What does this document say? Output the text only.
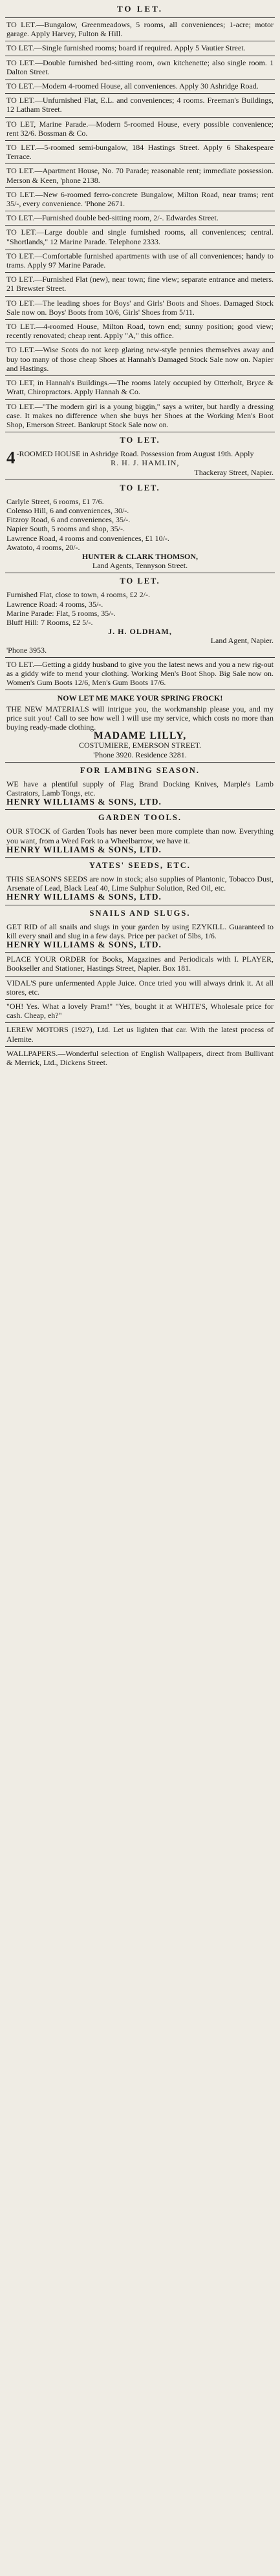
TO LET.

TO LET.—Bungalow, Greenmeadows, 5 rooms, all conveniences; 1-acre; motor garage. Apply Harvey, Fulton & Hill.

TO LET.—Single furnished rooms; board if required. Apply 5 Vautier Street.

TO LET.—Double furnished bed-sitting room, own kitchenette; also single room. 1 Dalton Street.

TO LET.—Modern 4-roomed House, all conveniences. Apply 30 Ashridge Road.

TO LET.—Unfurnished Flat, E.L. and conveniences; 4 rooms. Freeman's Buildings, 12 Latham Street.

TO LET, Marine Parade.—Modern 5-roomed House, every possible convenience; rent 32/6. Bossman & Co.

TO LET.—5-roomed semi-bungalow, 184 Hastings Street. Apply 6 Shakespeare Terrace.

TO LET.—Apartment House, No. 70 Parade; reasonable rent; immediate possession. Merson & Keen, 'phone 2138.

TO LET.—New 6-roomed ferro-concrete Bungalow, Milton Road, near trams; rent 35/-, every convenience. 'Phone 2671.

TO LET.—Furnished double bed-sitting room, 2/-. Edwardes Street.

TO LET.—Large double and single furnished rooms, all conveniences; central. "Shortlands," 12 Marine Parade. Telephone 2333.

TO LET.—Comfortable furnished apartments with use of all conveniences; handy to trams. Apply 97 Marine Parade.

TO LET.—Furnished Flat (new), near town; fine view; separate entrance and meters. 21 Brewster Street.

TO LET.—The leading shoes for Boys' and Girls' Boots and Shoes. Damaged Stock Sale now on. Boys' Boots from 10/6, Girls' Shoes from 5/11.

TO LET.—4-roomed House, Milton Road, town end; sunny position; good view; recently renovated; cheap rent. Apply "A," this office.

TO LET.—Wise Scots do not keep glaring new-style pennies themselves away and buy too many of those cheap Shoes at Hannah's Damaged Stock Sale now on. Napier and Hastings.

TO LET, in Hannah's Buildings.—The rooms lately occupied by Otterholt, Bryce & Wratt, Chiropractors. Apply Hannah & Co.

TO LET.—"The modern girl is a young biggin," says a writer, but hardly a dressing case. It makes no difference when she buys her Shoes at the Working Men's Boot Shop, Emerson Street. Bankrupt Stock Sale now on.

TO LET.

4 -ROOMED HOUSE in Ashridge Road. Possession from August 19th. Apply

R. H. J. HAMLIN,

Thackeray Street, Napier.

TO LET.
Carlyle Street, 6 rooms, £1 7/6.
Colenso Hill, 6 and conveniences, 30/-.
Fitzroy Road, 6 and conveniences, 35/-.
Napier South, 5 rooms and shop, 35/-.
Lawrence Road, 4 rooms and conveniences, £1 10/-.
Awatoto, 4 rooms, 20/-.

HUNTER & CLARK THOMSON,

Land Agents, Tennyson Street.

TO LET.
Furnished Flat, close to town, 4 rooms, £2 2/-.
Lawrence Road: 4 rooms, 35/-.
Marine Parade: Flat, 5 rooms, 35/-.
Bluff Hill: 7 Rooms, £2 5/-.

J. H. OLDHAM,

Land Agent, Napier.

'Phone 3953.

TO LET.—Getting a giddy husband to give you the latest news and you a new rig-out as a giddy wife to mend your clothing. Working Men's Boot Shop. Big Sale now on. Women's Gum Boots 12/6, Men's Gum Boots 17/6.

NOW LET ME MAKE YOUR SPRING FROCK!

THE NEW MATERIALS will intrigue you, the workmanship please you, and my price suit you! Call to see how well I will use my service, which costs no more than buying ready-made clothing.

MADAME LILLY,

COSTUMIERE, EMERSON STREET.

'Phone 3920. Residence 3281.

FOR LAMBING SEASON.

WE have a plentiful supply of Flag Brand Docking Knives, Marple's Lamb Castrators, Lamb Tongs, etc.

HENRY WILLIAMS & SONS, LTD.

GARDEN TOOLS.

OUR STOCK of Garden Tools has never been more complete than now. Everything you want, from a Weed Fork to a Wheelbarrow, we have it.

HENRY WILLIAMS & SONS, LTD.

YATES' SEEDS, ETC.

THIS SEASON'S SEEDS are now in stock; also supplies of Plantonic, Tobacco Dust, Arsenate of Lead, Black Leaf 40, Lime Sulphur Solution, Red Oil, etc.

HENRY WILLIAMS & SONS, LTD.

SNAILS AND SLUGS.

GET RID of all snails and slugs in your garden by using EZYKILL. Guaranteed to kill every snail and slug in a few days. Price per packet of 5lbs, 1/6.

HENRY WILLIAMS & SONS, LTD.

PLACE YOUR ORDER for Books, Magazines and Periodicals with I. PLAYER, Bookseller and Stationer, Hastings Street, Napier. Box 181.

VIDAL'S pure unfermented Apple Juice. Once tried you will always drink it. At all stores, etc.

"OH! Yes. What a lovely Pram!" "Yes, bought it at WHITE'S, Wholesale price for cash. Cheap, eh?"

LEREW MOTORS (1927), Ltd. Let us lighten that car. With the latest process of Alemite.

WALLPAPERS.—Wonderful selection of English Wallpapers, direct from Bullivant & Merrick, Ltd., Dickens Street.
